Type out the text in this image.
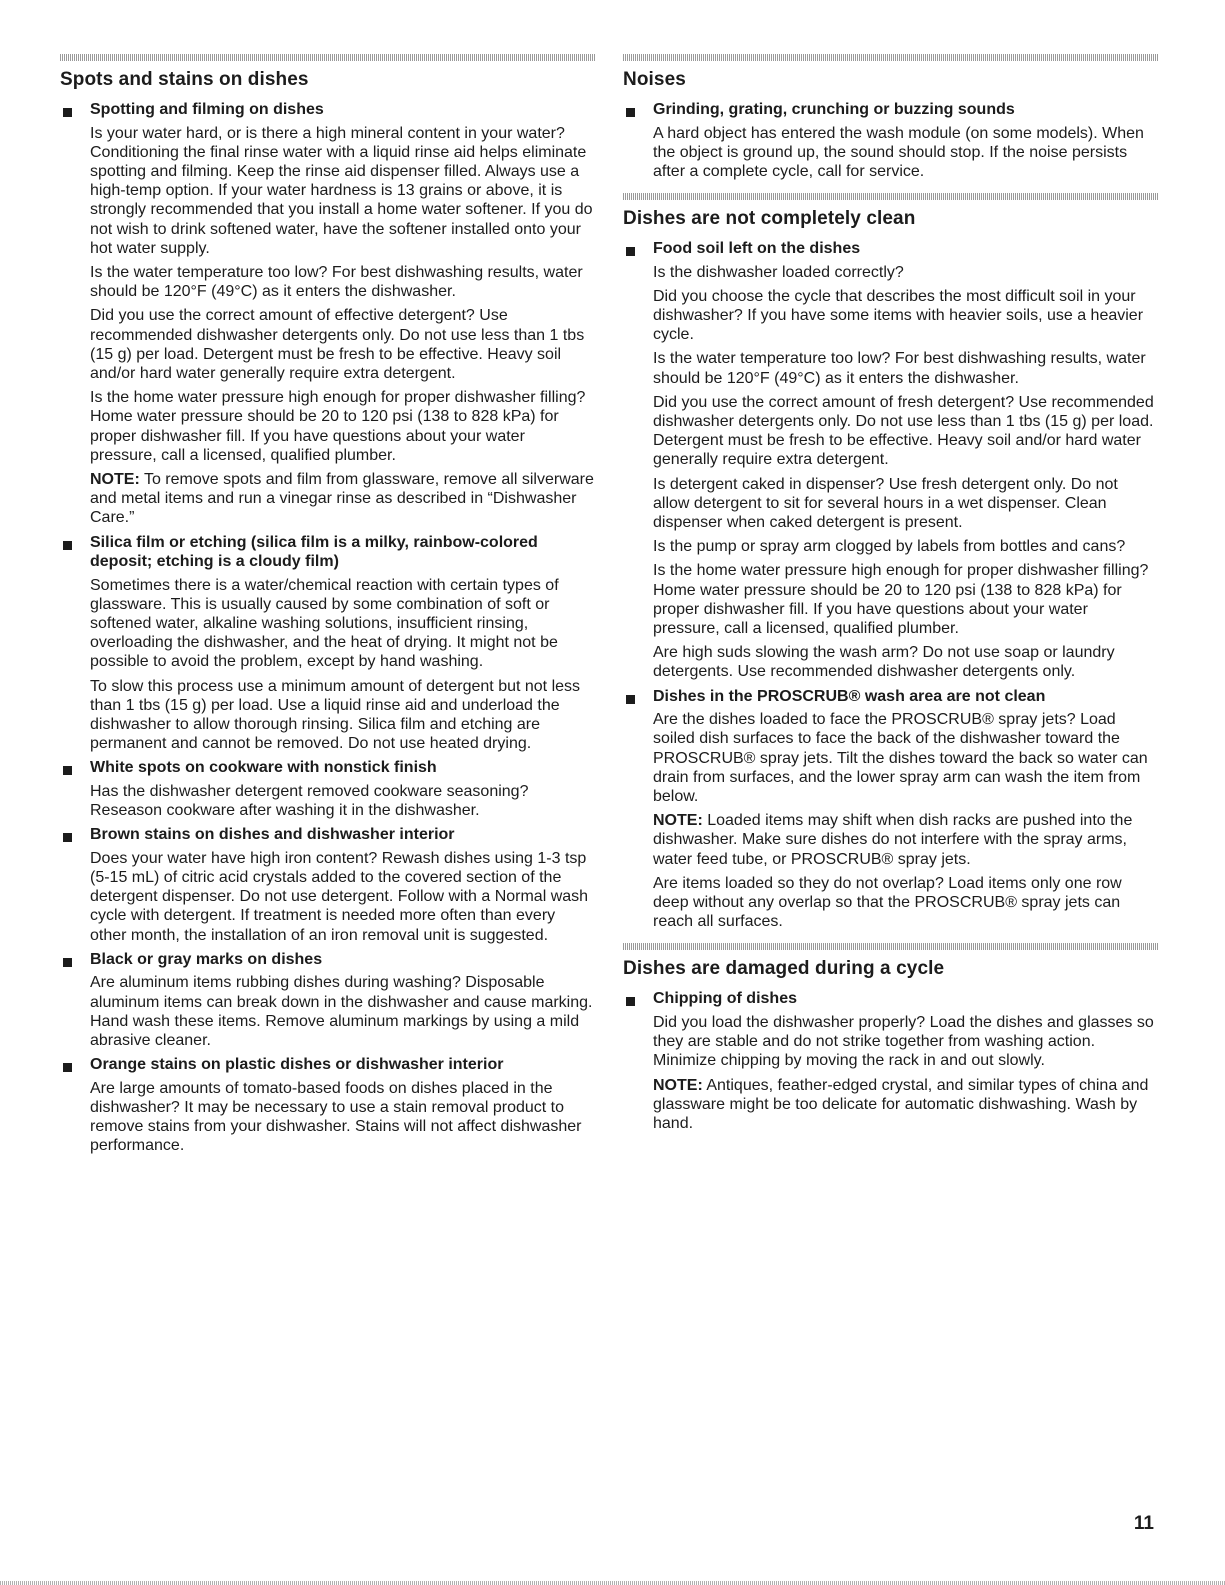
Spots and stains on dishes
Spotting and filming on dishes

Is your water hard, or is there a high mineral content in your water? Conditioning the final rinse water with a liquid rinse aid helps eliminate spotting and filming. Keep the rinse aid dispenser filled. Always use a high-temp option. If your water hardness is 13 grains or above, it is strongly recommended that you install a home water softener. If you do not wish to drink softened water, have the softener installed onto your hot water supply.

Is the water temperature too low? For best dishwashing results, water should be 120°F (49°C) as it enters the dishwasher.

Did you use the correct amount of effective detergent? Use recommended dishwasher detergents only. Do not use less than 1 tbs (15 g) per load. Detergent must be fresh to be effective. Heavy soil and/or hard water generally require extra detergent.

Is the home water pressure high enough for proper dishwasher filling? Home water pressure should be 20 to 120 psi (138 to 828 kPa) for proper dishwasher fill. If you have questions about your water pressure, call a licensed, qualified plumber.

NOTE: To remove spots and film from glassware, remove all silverware and metal items and run a vinegar rinse as described in “Dishwasher Care.”

Silica film or etching (silica film is a milky, rainbow-colored deposit; etching is a cloudy film)

Sometimes there is a water/chemical reaction with certain types of glassware. This is usually caused by some combination of soft or softened water, alkaline washing solutions, insufficient rinsing, overloading the dishwasher, and the heat of drying. It might not be possible to avoid the problem, except by hand washing.

To slow this process use a minimum amount of detergent but not less than 1 tbs (15 g) per load. Use a liquid rinse aid and underload the dishwasher to allow thorough rinsing. Silica film and etching are permanent and cannot be removed. Do not use heated drying.

White spots on cookware with nonstick finish

Has the dishwasher detergent removed cookware seasoning? Reseason cookware after washing it in the dishwasher.

Brown stains on dishes and dishwasher interior

Does your water have high iron content? Rewash dishes using 1-3 tsp (5-15 mL) of citric acid crystals added to the covered section of the detergent dispenser. Do not use detergent. Follow with a Normal wash cycle with detergent. If treatment is needed more often than every other month, the installation of an iron removal unit is suggested.

Black or gray marks on dishes

Are aluminum items rubbing dishes during washing? Disposable aluminum items can break down in the dishwasher and cause marking. Hand wash these items. Remove aluminum markings by using a mild abrasive cleaner.

Orange stains on plastic dishes or dishwasher interior

Are large amounts of tomato-based foods on dishes placed in the dishwasher? It may be necessary to use a stain removal product to remove stains from your dishwasher. Stains will not affect dishwasher performance.

Noises
Grinding, grating, crunching or buzzing sounds

A hard object has entered the wash module (on some models). When the object is ground up, the sound should stop. If the noise persists after a complete cycle, call for service.

Dishes are not completely clean
Food soil left on the dishes

Is the dishwasher loaded correctly?

Did you choose the cycle that describes the most difficult soil in your dishwasher? If you have some items with heavier soils, use a heavier cycle.

Is the water temperature too low? For best dishwashing results, water should be 120°F (49°C) as it enters the dishwasher.

Did you use the correct amount of fresh detergent? Use recommended dishwasher detergents only. Do not use less than 1 tbs (15 g) per load. Detergent must be fresh to be effective. Heavy soil and/or hard water generally require extra detergent.

Is detergent caked in dispenser? Use fresh detergent only. Do not allow detergent to sit for several hours in a wet dispenser. Clean dispenser when caked detergent is present.

Is the pump or spray arm clogged by labels from bottles and cans?

Is the home water pressure high enough for proper dishwasher filling? Home water pressure should be 20 to 120 psi (138 to 828 kPa) for proper dishwasher fill. If you have questions about your water pressure, call a licensed, qualified plumber.

Are high suds slowing the wash arm? Do not use soap or laundry detergents. Use recommended dishwasher detergents only.

Dishes in the PROSCRUB® wash area are not clean

Are the dishes loaded to face the PROSCRUB® spray jets? Load soiled dish surfaces to face the back of the dishwasher toward the PROSCRUB® spray jets. Tilt the dishes toward the back so water can drain from surfaces, and the lower spray arm can wash the item from below.

NOTE: Loaded items may shift when dish racks are pushed into the dishwasher. Make sure dishes do not interfere with the spray arms, water feed tube, or PROSCRUB® spray jets.

Are items loaded so they do not overlap? Load items only one row deep without any overlap so that the PROSCRUB® spray jets can reach all surfaces.

Dishes are damaged during a cycle
Chipping of dishes

Did you load the dishwasher properly? Load the dishes and glasses so they are stable and do not strike together from washing action. Minimize chipping by moving the rack in and out slowly.

NOTE: Antiques, feather-edged crystal, and similar types of china and glassware might be too delicate for automatic dishwashing. Wash by hand.

11
